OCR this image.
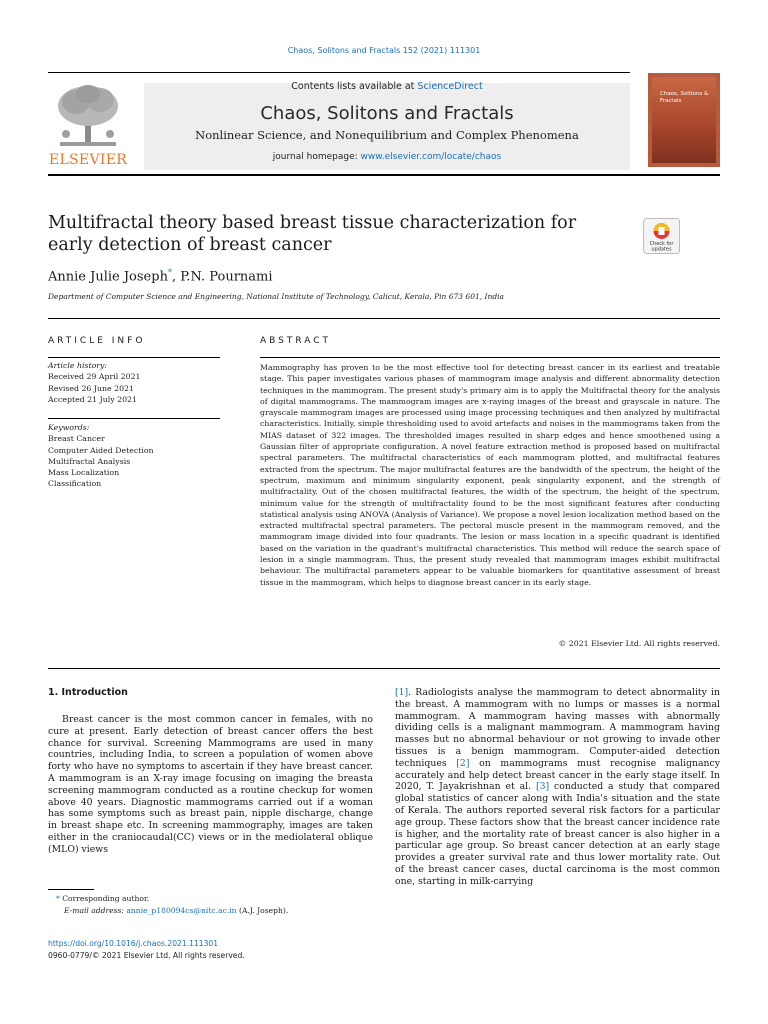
Chaos, Solitons and Fractals 152 (2021) 111301
ELSEVIER
Contents lists available at ScienceDirect
Chaos, Solitons and Fractals
Nonlinear Science, and Nonequilibrium and Complex Phenomena
journal homepage: www.elsevier.com/locate/chaos
Chaos, Solitons & Fractals
Multifractal theory based breast tissue characterization for early detection of breast cancer	Check for
updates
Annie Julie Joseph*, P.N. Pournami
Department of Computer Science and Engineering, National Institute of Technology, Calicut, Kerala, Pin 673 601, India
ARTICLE INFO
Article history:
Received 29 April 2021
Revised 26 June 2021
Accepted 21 July 2021
Keywords:
Breast Cancer
Computer Aided Detection
Multifractal Analysis
Mass Localization
Classification
ABSTRACT
Mammography has proven to be the most effective tool for detecting breast cancer in its earliest and treatable stage. This paper investigates various phases of mammogram image analysis and different abnormality detection techniques in the mammogram. The present study's primary aim is to apply the Multifractal theory for the analysis of digital mammograms. The mammogram images are x-raying images of the breast and grayscale in nature. The grayscale mammogram images are processed using image processing techniques and then analyzed by multifractal characteristics. Initially, simple thresholding used to avoid artefacts and noises in the mammograms taken from the MIAS dataset of 322 images. The thresholded images resulted in sharp edges and hence smoothened using a Gaussian filter of appropriate configuration. A novel feature extraction method is proposed based on multifractal spectral parameters. The multifractal characteristics of each mammogram plotted, and multifractal features extracted from the spectrum. The major multifractal features are the bandwidth of the spectrum, the height of the spectrum, maximum and minimum singularity exponent, peak singularity exponent, and the strength of multifractality. Out of the chosen multifractal features, the width of the spectrum, the height of the spectrum, minimum value for the strength of multifractality found to be the most significant features after conducting statistical analysis using ANOVA (Analysis of Variance). We propose a novel lesion localization method based on the extracted multifractal spectral parameters. The pectoral muscle present in the mammogram removed, and the mammogram image divided into four quadrants. The lesion or mass location in a specific quadrant is identified based on the variation in the quadrant's multifractal characteristics. This method will reduce the search space of lesion in a single mammogram. Thus, the present study revealed that mammogram images exhibit multifractal behaviour. The multifractal parameters appear to be valuable biomarkers for quantitative assessment of breast tissue in the mammogram, which helps to diagnose breast cancer in its early stage.
© 2021 Elsevier Ltd. All rights reserved.
1. Introduction
Breast cancer is the most common cancer in females, with no cure at present. Early detection of breast cancer offers the best chance for survival. Screening Mammograms are used in many countries, including India, to screen a population of women above forty who have no symptoms to ascertain if they have breast cancer. A mammogram is an X-ray image focusing on imaging the breasta screening mammogram conducted as a routine checkup for women above 40 years. Diagnostic mammograms carried out if a woman has some symptoms such as breast pain, nipple discharge, change in breast shape etc. In screening mammography, images are taken either in the craniocaudal(CC) views or in the mediolateral oblique (MLO) views
[1]. Radiologists analyse the mammogram to detect abnormality in the breast. A mammogram with no lumps or masses is a normal mammogram. A mammogram having masses with abnormally dividing cells is a malignant mammogram. A mammogram having masses but no abnormal behaviour or not growing to invade other tissues is a benign mammogram. Computer-aided detection techniques [2] on mammograms must recognise malignancy accurately and help detect breast cancer in the early stage itself. In 2020, T. Jayakrishnan et al. [3] conducted a study that compared global statistics of cancer along with India's situation and the state of Kerala. The authors reported several risk factors for a particular age group. These factors show that the breast cancer incidence rate is higher, and the mortality rate of breast cancer is also higher in a particular age group. So breast cancer detection at an early stage provides a greater survival rate and thus lower mortality rate. Out of the breast cancer cases, ductal carcinoma is the most common one, starting in milk-carrying
* Corresponding author.
E-mail address: annie_p180094cs@nitc.ac.in (A.J. Joseph).
https://doi.org/10.1016/j.chaos.2021.111301
0960-0779/© 2021 Elsevier Ltd. All rights reserved.
